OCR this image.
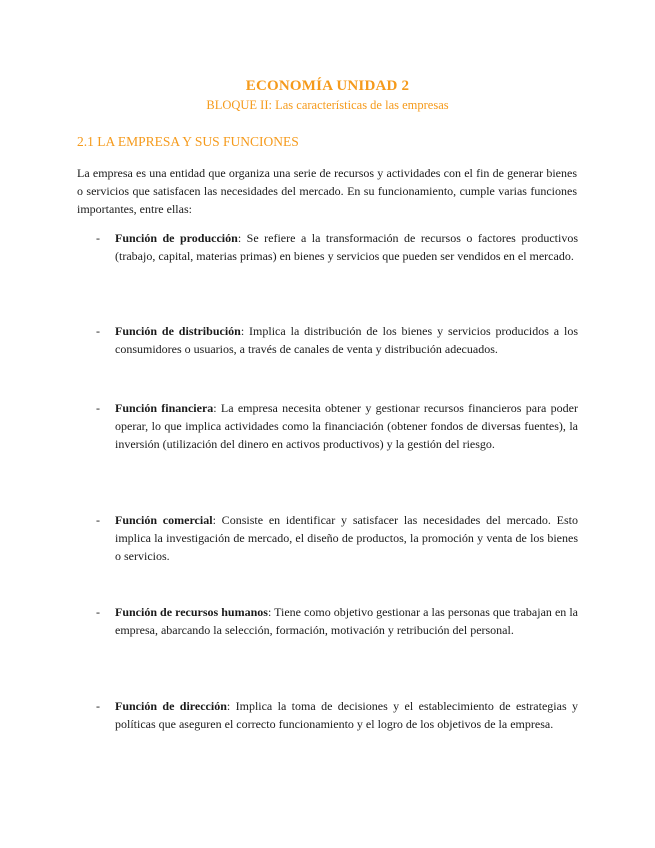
ECONOMÍA UNIDAD 2
BLOQUE II: Las características de las empresas
2.1 LA EMPRESA Y SUS FUNCIONES
La empresa es una entidad que organiza una serie de recursos y actividades con el fin de generar bienes o servicios que satisfacen las necesidades del mercado. En su funcionamiento, cumple varias funciones importantes, entre ellas:
- Función de producción: Se refiere a la transformación de recursos o factores productivos (trabajo, capital, materias primas) en bienes y servicios que pueden ser vendidos en el mercado.
- Función de distribución: Implica la distribución de los bienes y servicios producidos a los consumidores o usuarios, a través de canales de venta y distribución adecuados.
- Función financiera: La empresa necesita obtener y gestionar recursos financieros para poder operar, lo que implica actividades como la financiación (obtener fondos de diversas fuentes), la inversión (utilización del dinero en activos productivos) y la gestión del riesgo.
- Función comercial: Consiste en identificar y satisfacer las necesidades del mercado. Esto implica la investigación de mercado, el diseño de productos, la promoción y venta de los bienes o servicios.
- Función de recursos humanos: Tiene como objetivo gestionar a las personas que trabajan en la empresa, abarcando la selección, formación, motivación y retribución del personal.
- Función de dirección: Implica la toma de decisiones y el establecimiento de estrategias y políticas que aseguren el correcto funcionamiento y el logro de los objetivos de la empresa.
